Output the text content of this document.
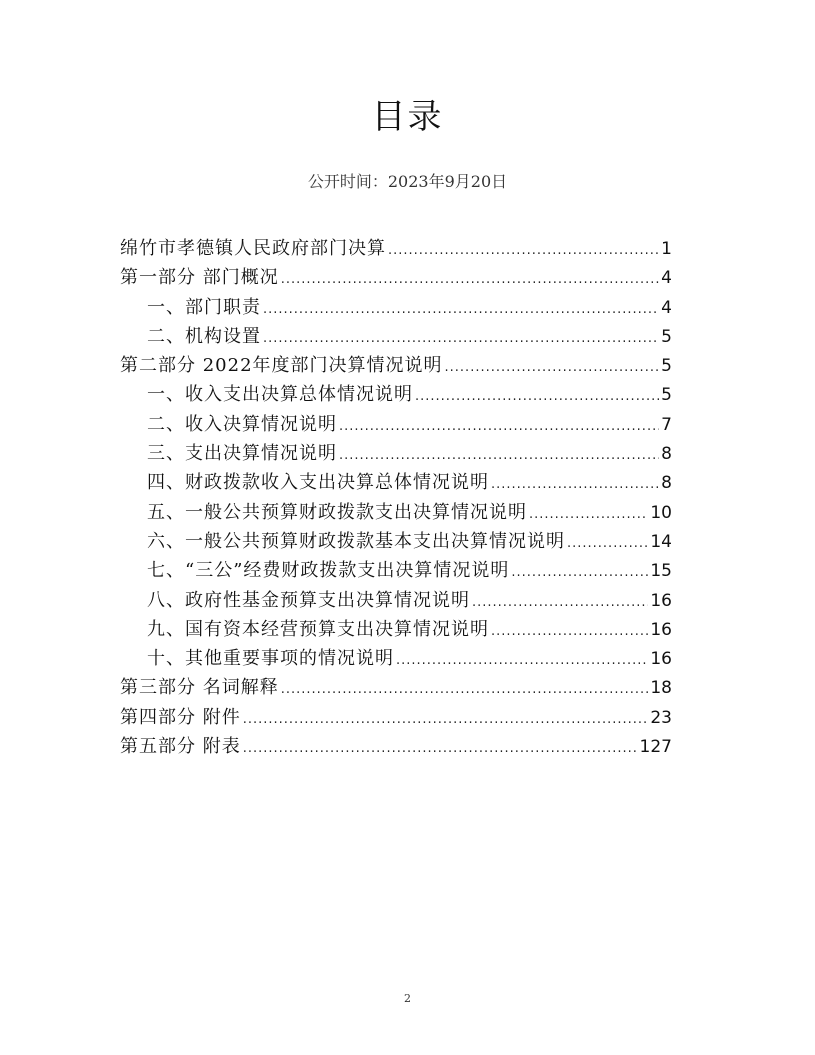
目录
公开时间：2023年9月20日
绵竹市孝德镇人民政府部门决算 .....	1
第一部分 部门概况 .....	4
一、部门职责 .....	4
二、机构设置 .....	5
第二部分 2022年度部门决算情况说明 .....	5
一、收入支出决算总体情况说明 .....	5
二、收入决算情况说明 .....	7
三、支出决算情况说明 .....	8
四、财政拨款收入支出决算总体情况说明 .....	8
五、一般公共预算财政拨款支出决算情况说明 .....	10
六、一般公共预算财政拨款基本支出决算情况说明 .....	14
七、“三公”经费财政拨款支出决算情况说明 .....	15
八、政府性基金预算支出决算情况说明 .....	16
九、国有资本经营预算支出决算情况说明 .....	16
十、其他重要事项的情况说明 .....	16
第三部分 名词解释 .....	18
第四部分 附件 .....	23
第五部分 附表 .....	127
2
